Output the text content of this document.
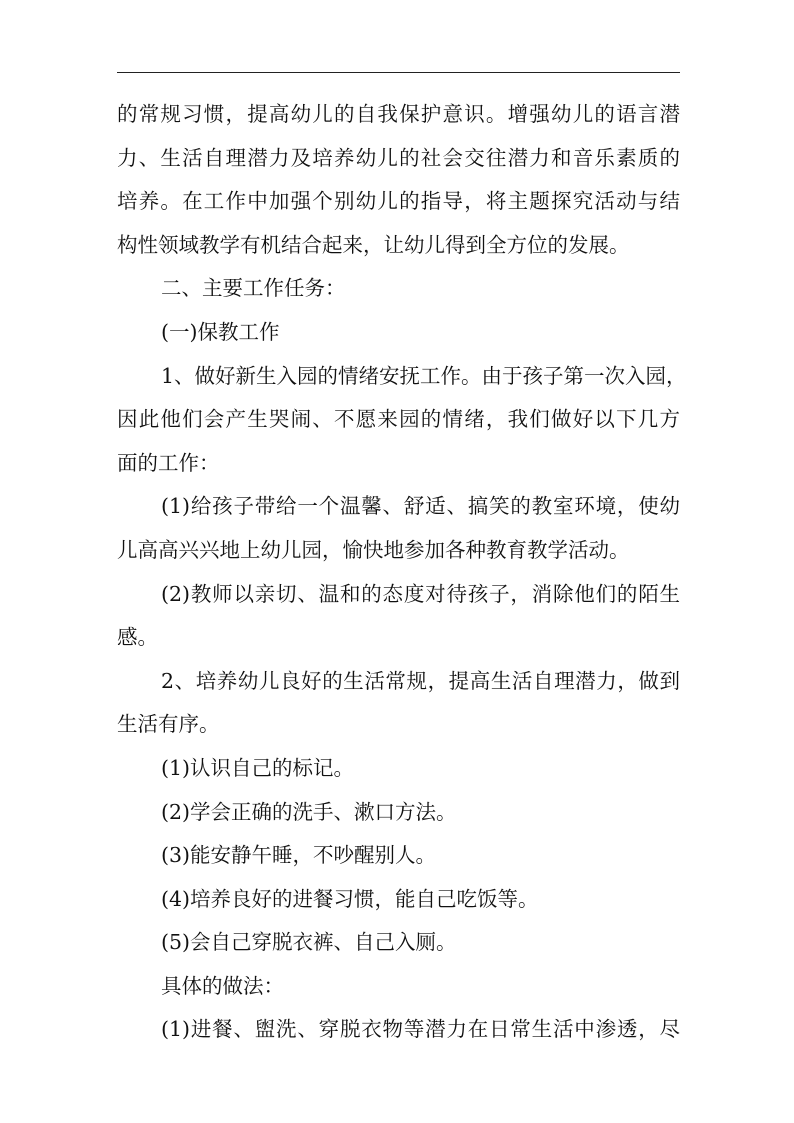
的常规习惯，提高幼儿的自我保护意识。增强幼儿的语言潜
力、生活自理潜力及培养幼儿的社会交往潜力和音乐素质的
培养。在工作中加强个别幼儿的指导，将主题探究活动与结
构性领域教学有机结合起来，让幼儿得到全方位的发展。
二、主要工作任务：
(一)保教工作
1、做好新生入园的情绪安抚工作。由于孩子第一次入园，
因此他们会产生哭闹、不愿来园的情绪，我们做好以下几方
面的工作：
(1)给孩子带给一个温馨、舒适、搞笑的教室环境，使幼
儿高高兴兴地上幼儿园，愉快地参加各种教育教学活动。
(2)教师以亲切、温和的态度对待孩子，消除他们的陌生
感。
2、培养幼儿良好的生活常规，提高生活自理潜力，做到
生活有序。
(1)认识自己的标记。
(2)学会正确的洗手、漱口方法。
(3)能安静午睡，不吵醒别人。
(4)培养良好的进餐习惯，能自己吃饭等。
(5)会自己穿脱衣裤、自己入厕。
具体的做法：
(1)进餐、盥洗、穿脱衣物等潜力在日常生活中渗透，尽
